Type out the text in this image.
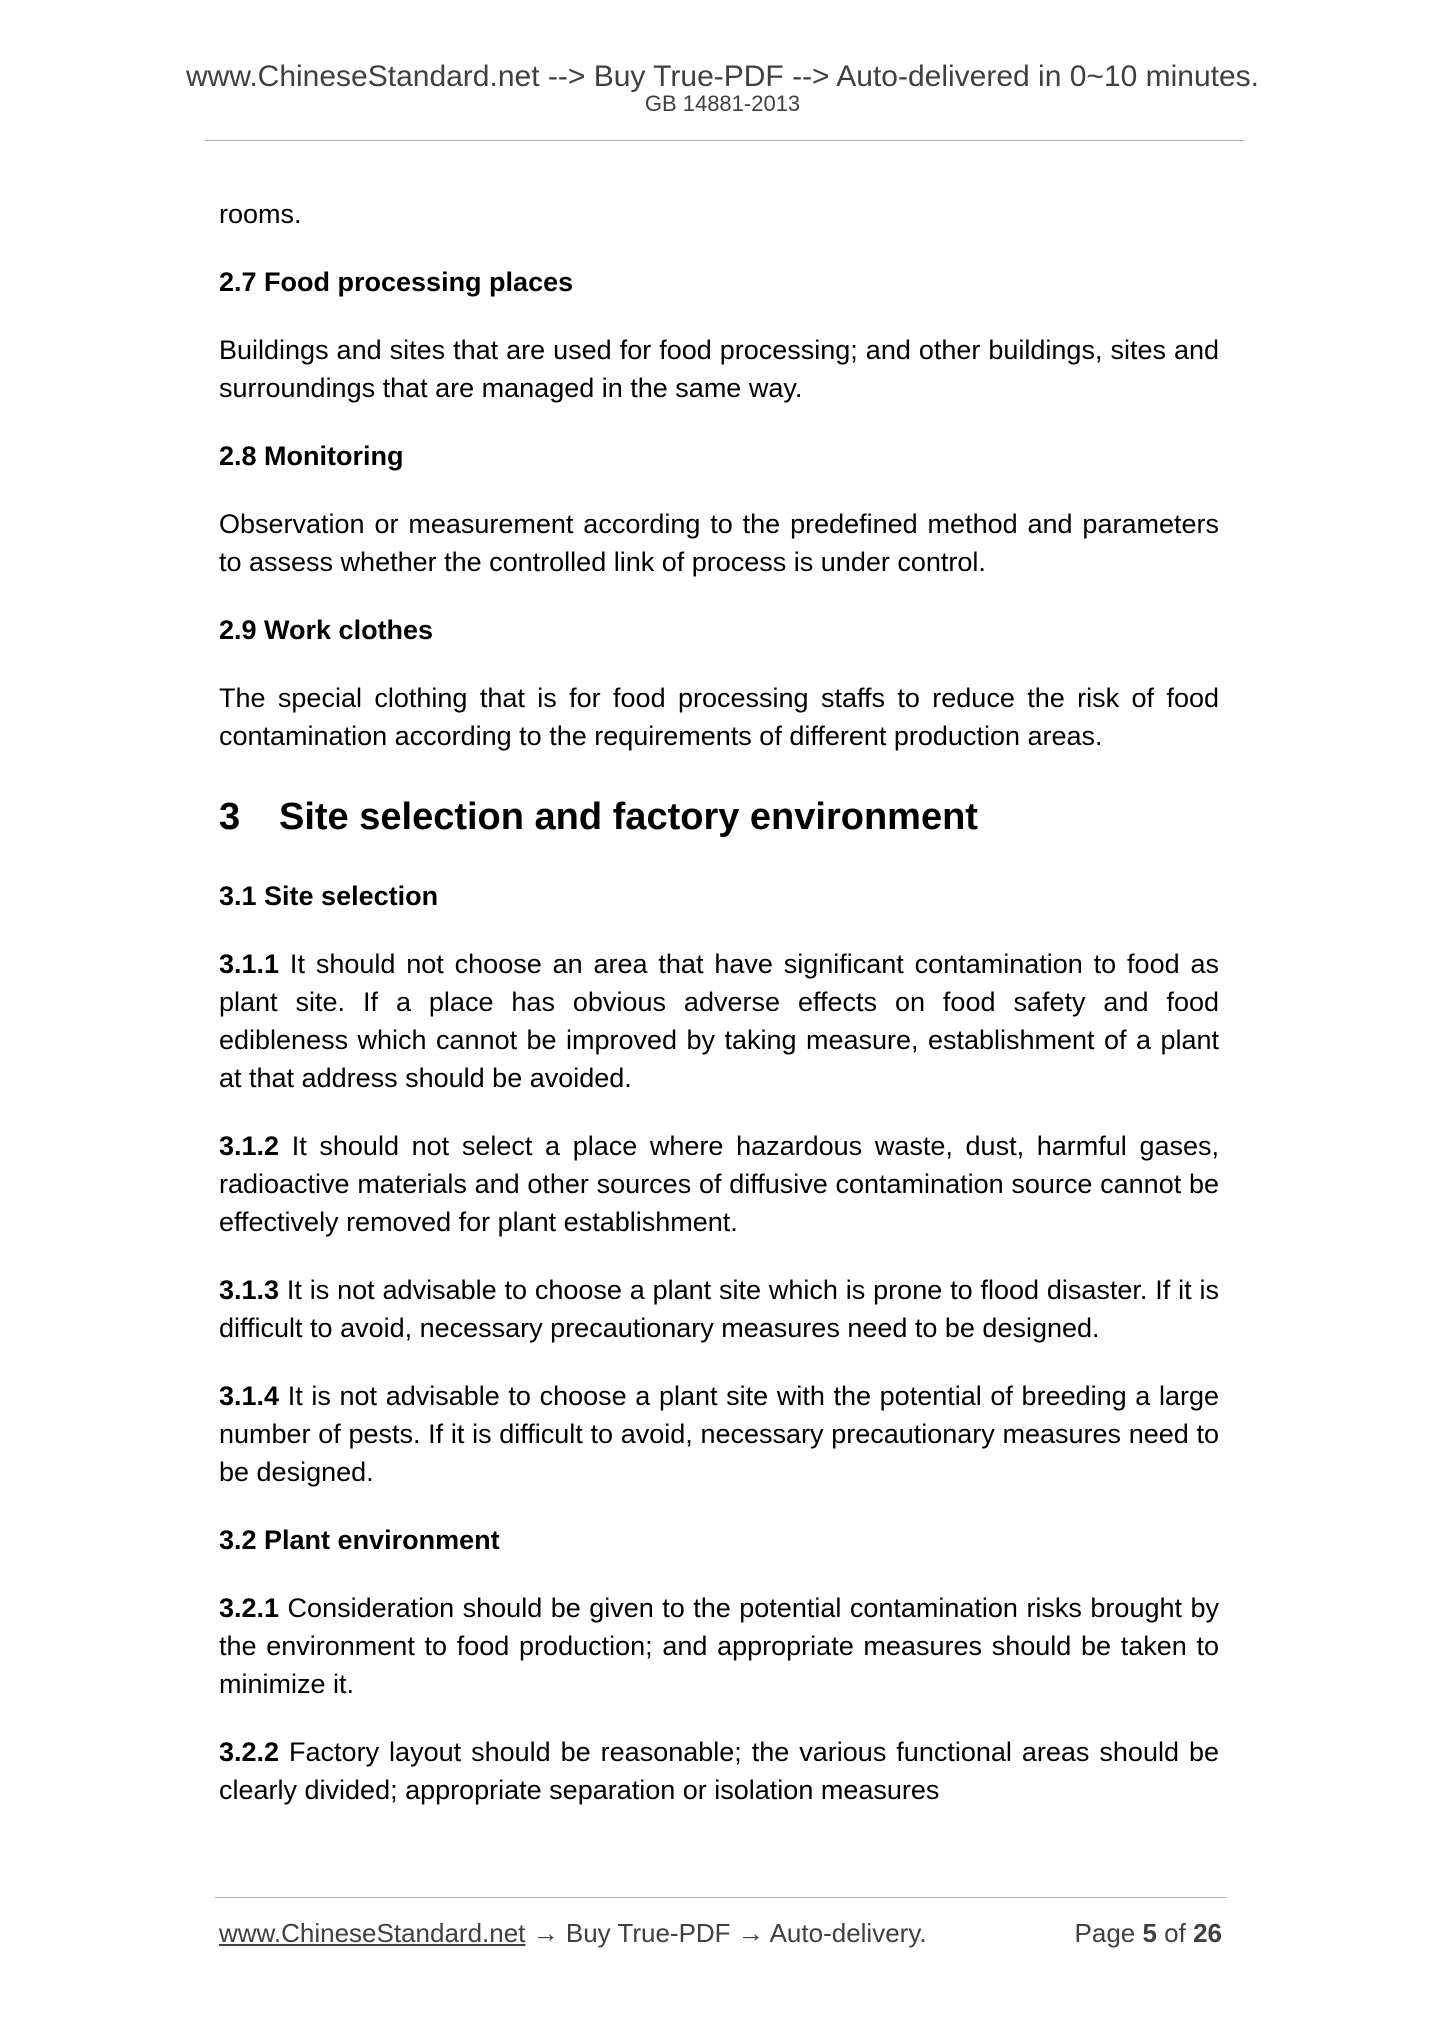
www.ChineseStandard.net --> Buy True-PDF --> Auto-delivered in 0~10 minutes.
GB 14881-2013

rooms.

2.7 Food processing places

Buildings and sites that are used for food processing; and other buildings, sites and surroundings that are managed in the same way.

2.8 Monitoring

Observation or measurement according to the predefined method and parameters to assess whether the controlled link of process is under control.

2.9 Work clothes

The special clothing that is for food processing staffs to reduce the risk of food contamination according to the requirements of different production areas.

3 Site selection and factory environment

3.1 Site selection

3.1.1 It should not choose an area that have significant contamination to food as plant site. If a place has obvious adverse effects on food safety and food edibleness which cannot be improved by taking measure, establishment of a plant at that address should be avoided.

3.1.2 It should not select a place where hazardous waste, dust, harmful gases, radioactive materials and other sources of diffusive contamination source cannot be effectively removed for plant establishment.

3.1.3 It is not advisable to choose a plant site which is prone to flood disaster. If it is difficult to avoid, necessary precautionary measures need to be designed.

3.1.4 It is not advisable to choose a plant site with the potential of breeding a large number of pests. If it is difficult to avoid, necessary precautionary measures need to be designed.

3.2 Plant environment

3.2.1 Consideration should be given to the potential contamination risks brought by the environment to food production; and appropriate measures should be taken to minimize it.

3.2.2 Factory layout should be reasonable; the various functional areas should be clearly divided; appropriate separation or isolation measures

www.ChineseStandard.net → Buy True-PDF → Auto-delivery.	Page 5 of 26
